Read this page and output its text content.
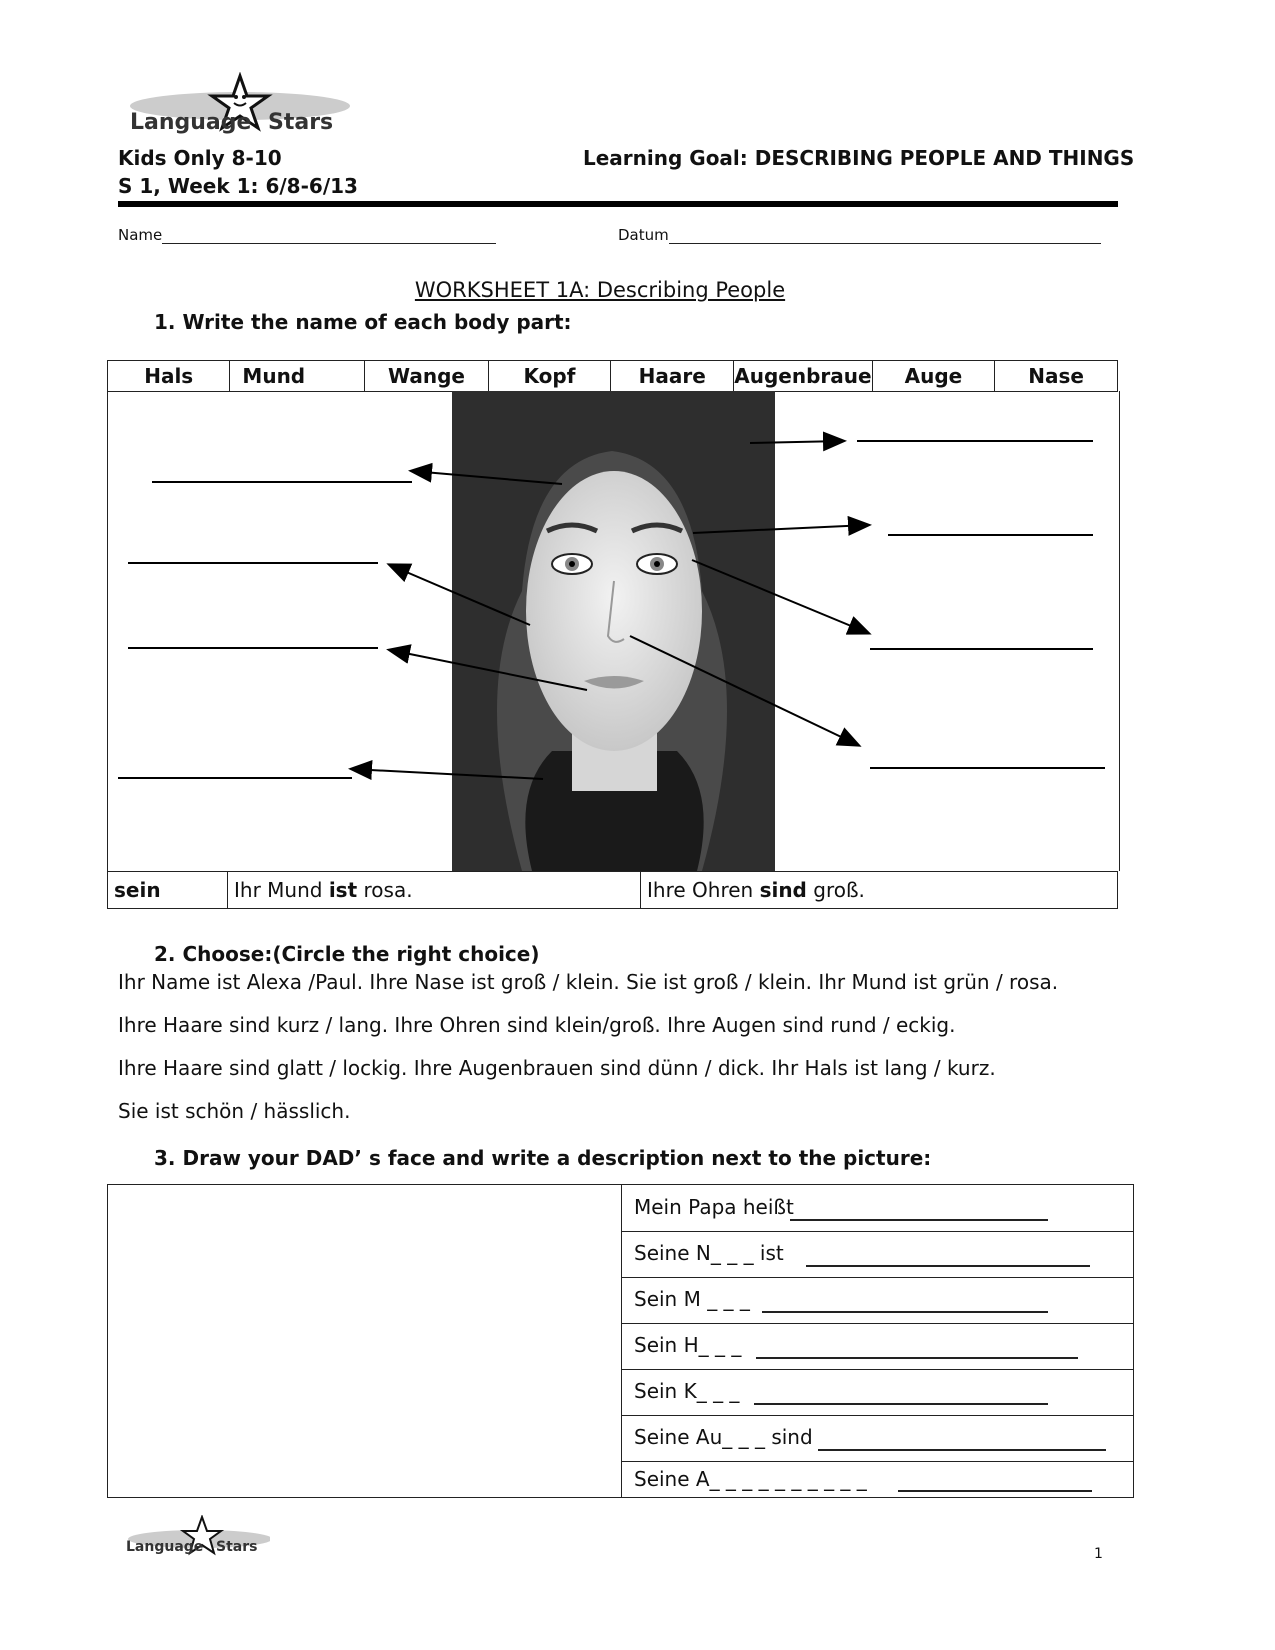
Language Stars
Kids Only 8-10
S 1, Week 1: 6/8-6/13
Learning Goal: DESCRIBING PEOPLE AND THINGS
Name	Datum
WORKSHEET 1A: Describing People
1. Write the name of each body part:
Hals	Mund	Wange	Kopf	Haare	Augenbraue	Auge	Nase
sein	Ihr Mund ist rosa.	Ihre Ohren sind groß.
2. Choose:(Circle the right choice)
Ihr Name ist Alexa /Paul. Ihre Nase ist groß / klein. Sie ist groß / klein. Ihr Mund ist grün / rosa.
Ihre Haare sind kurz / lang. Ihre Ohren sind klein/groß. Ihre Augen sind rund / eckig.
Ihre Haare sind glatt / lockig. Ihre Augenbrauen sind dünn / dick. Ihr Hals ist lang / kurz.
Sie ist schön / hässlich.
3. Draw your DAD’ s face and write a description next to the picture:
Mein Papa heißt
Seine N_ _ _ ist
Sein M _ _ _
Sein H_ _ _
Sein K_ _ _
Seine Au_ _ _ sind
Seine A_ _ _ _ _ _ _ _ _ _
Language Stars	1
